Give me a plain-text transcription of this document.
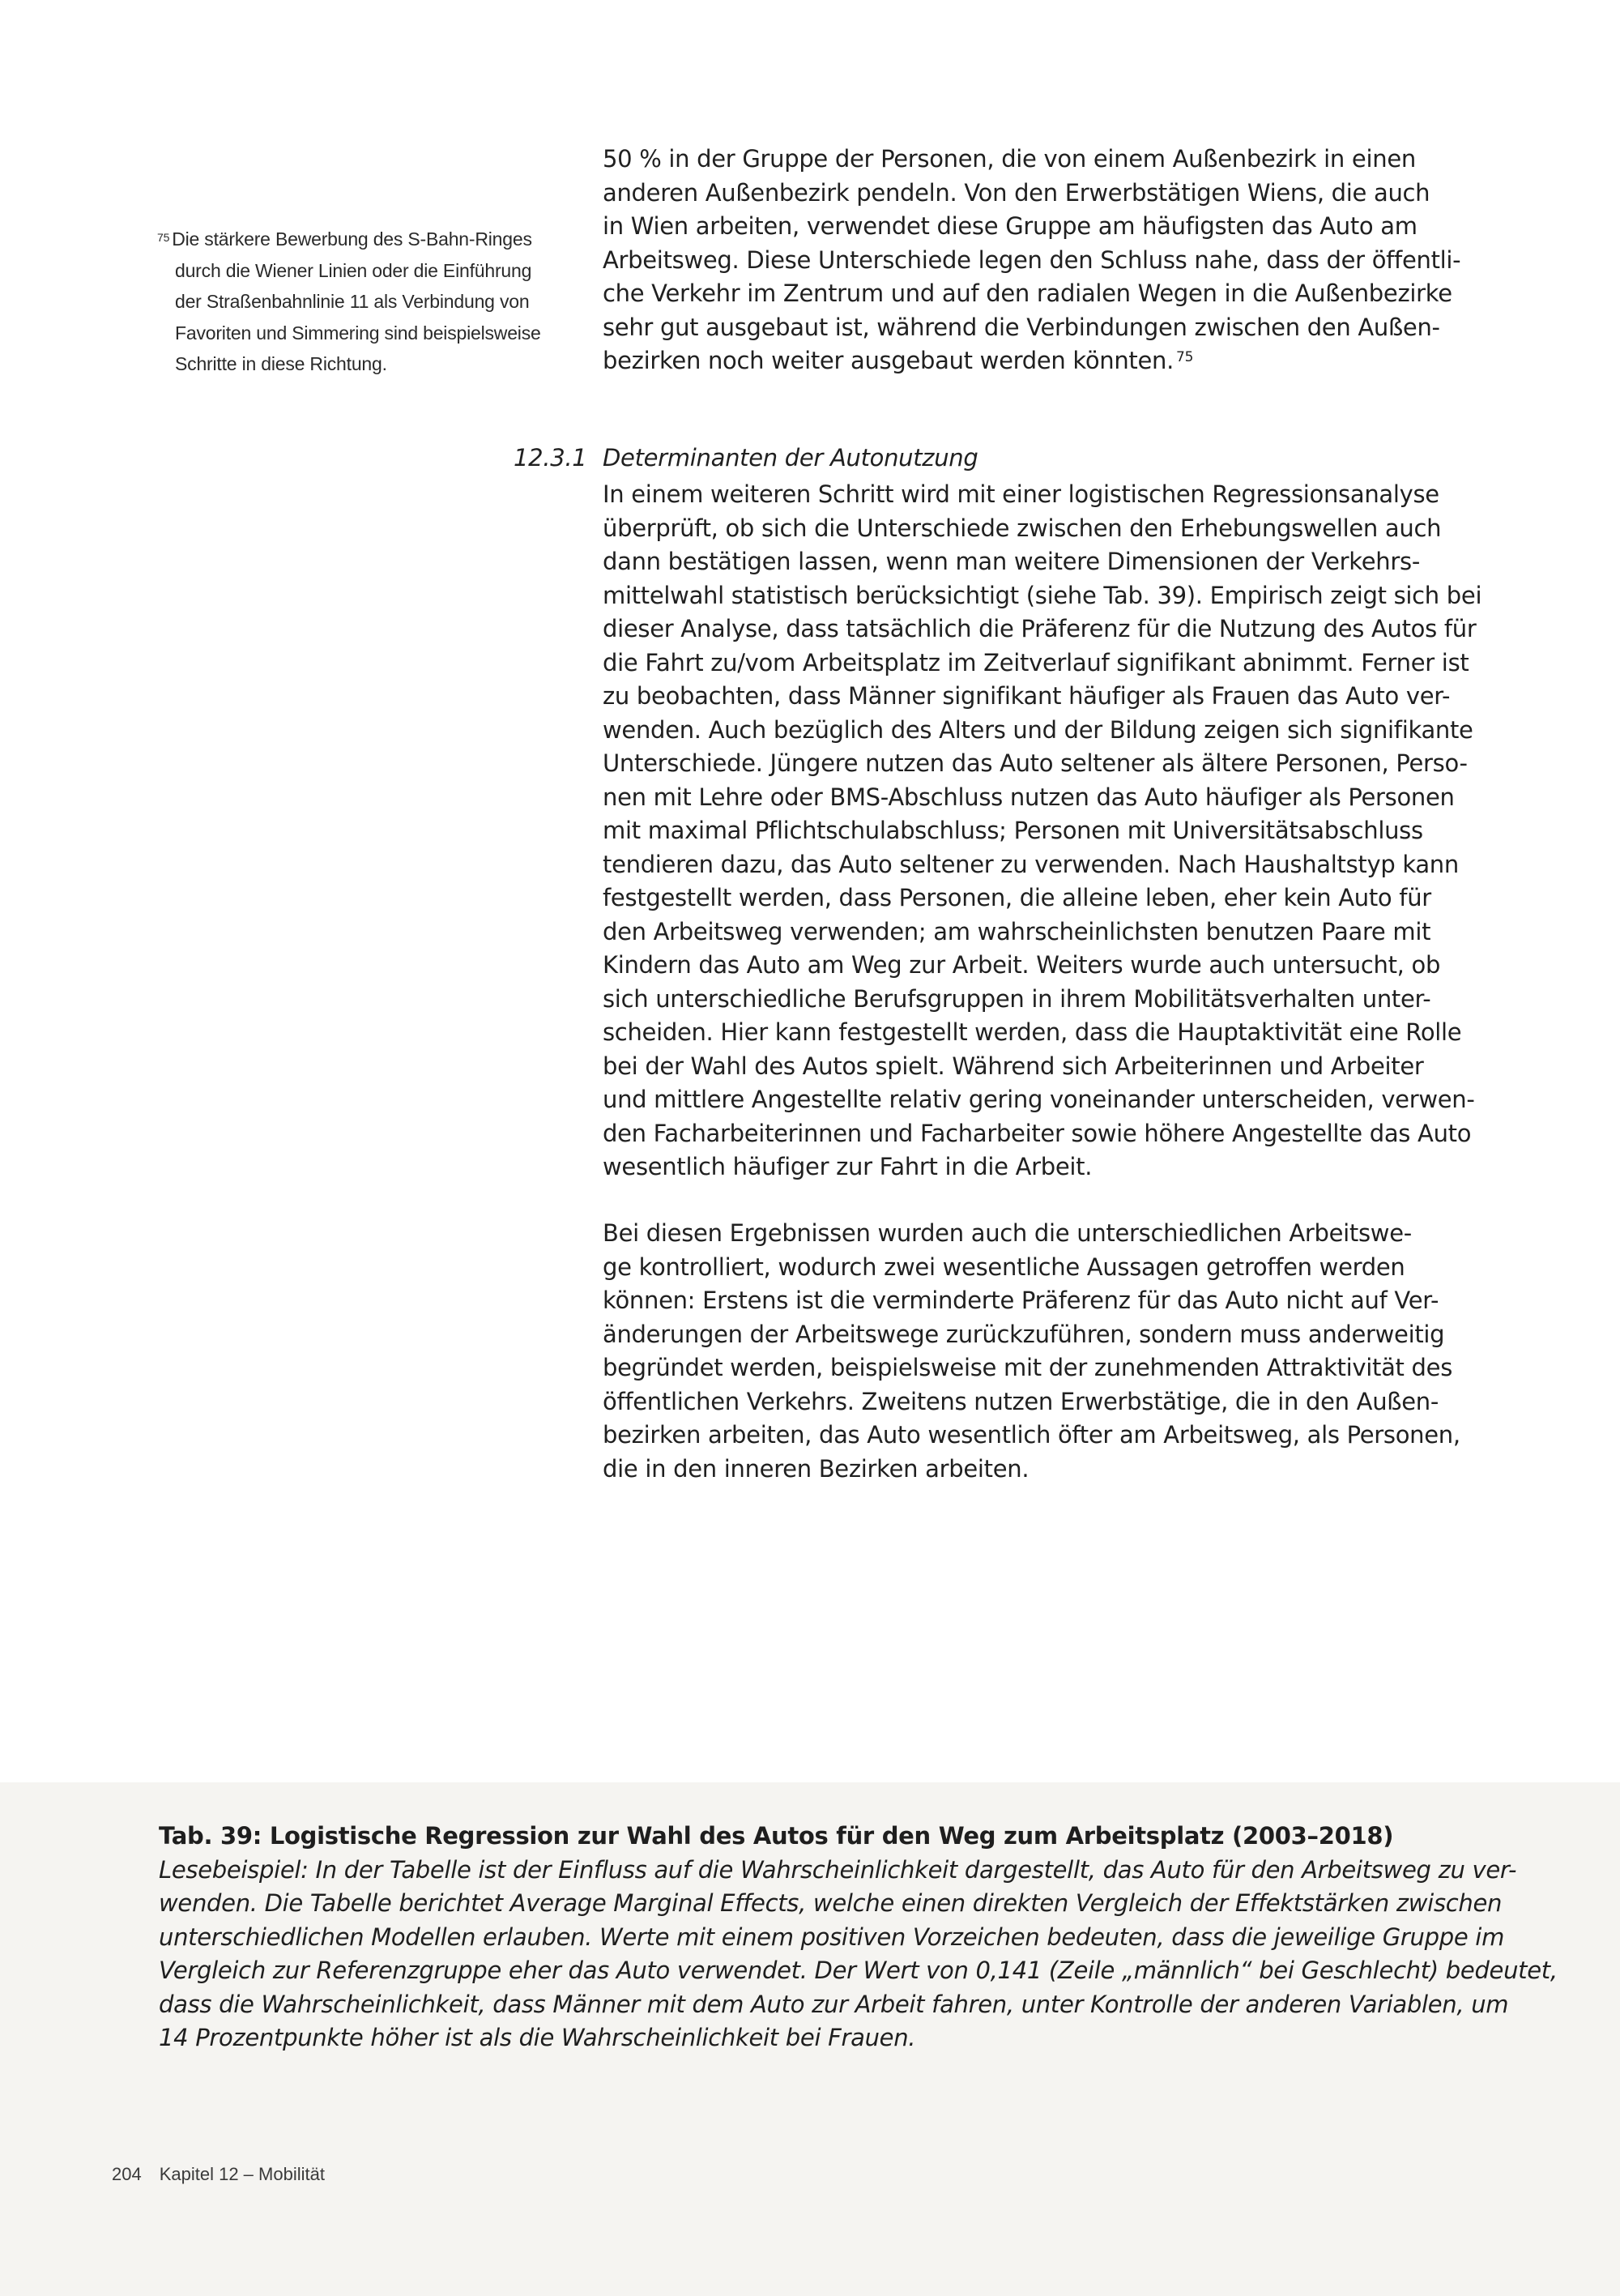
$^{75}$ Die stärkere Bewerbung des S-Bahn-Ringes
durch die Wiener Linien oder die Einführung
der Straßenbahnlinie 11 als Verbindung von
Favoriten und Simmering sind beispielsweise
Schritte in diese Richtung.
50 % in der Gruppe der Personen, die von einem Außenbezirk in einen
anderen Außenbezirk pendeln. Von den Erwerbstätigen Wiens, die auch
in Wien arbeiten, verwendet diese Gruppe am häufigsten das Auto am
Arbeitsweg. Diese Unterschiede legen den Schluss nahe, dass der öffentli-
che Verkehr im Zentrum und auf den radialen Wegen in die Außenbezirke
sehr gut ausgebaut ist, während die Verbindungen zwischen den Außen-
bezirken noch weiter ausgebaut werden könnten. $^{75}$
12.3.1 Determinanten der Autonutzung
In einem weiteren Schritt wird mit einer logistischen Regressionsanalyse
überprüft, ob sich die Unterschiede zwischen den Erhebungswellen auch
dann bestätigen lassen, wenn man weitere Dimensionen der Verkehrs-
mittelwahl statistisch berücksichtigt (siehe Tab. 39). Empirisch zeigt sich bei
dieser Analyse, dass tatsächlich die Präferenz für die Nutzung des Autos für
die Fahrt zu/vom Arbeitsplatz im Zeitverlauf signifikant abnimmt. Ferner ist
zu beobachten, dass Männer signifikant häufiger als Frauen das Auto ver-
wenden. Auch bezüglich des Alters und der Bildung zeigen sich signifikante
Unterschiede. Jüngere nutzen das Auto seltener als ältere Personen, Perso-
nen mit Lehre oder BMS-Abschluss nutzen das Auto häufiger als Personen
mit maximal Pflichtschulabschluss; Personen mit Universitätsabschluss
tendieren dazu, das Auto seltener zu verwenden. Nach Haushaltstyp kann
festgestellt werden, dass Personen, die alleine leben, eher kein Auto für
den Arbeitsweg verwenden; am wahrscheinlichsten benutzen Paare mit
Kindern das Auto am Weg zur Arbeit. Weiters wurde auch untersucht, ob
sich unterschiedliche Berufsgruppen in ihrem Mobilitätsverhalten unter-
scheiden. Hier kann festgestellt werden, dass die Hauptaktivität eine Rolle
bei der Wahl des Autos spielt. Während sich Arbeiterinnen und Arbeiter
und mittlere Angestellte relativ gering voneinander unterscheiden, verwen-
den Facharbeiterinnen und Facharbeiter sowie höhere Angestellte das Auto
wesentlich häufiger zur Fahrt in die Arbeit.
Bei diesen Ergebnissen wurden auch die unterschiedlichen Arbeitswe-
ge kontrolliert, wodurch zwei wesentliche Aussagen getroffen werden
können: Erstens ist die verminderte Präferenz für das Auto nicht auf Ver-
änderungen der Arbeitswege zurückzuführen, sondern muss anderweitig
begründet werden, beispielsweise mit der zunehmenden Attraktivität des
öffentlichen Verkehrs. Zweitens nutzen Erwerbstätige, die in den Außen-
bezirken arbeiten, das Auto wesentlich öfter am Arbeitsweg, als Personen,
die in den inneren Bezirken arbeiten.
Tab. 39: Logistische Regression zur Wahl des Autos für den Weg zum Arbeitsplatz (2003–2018)
Lesebeispiel: In der Tabelle ist der Einfluss auf die Wahrscheinlichkeit dargestellt, das Auto für den Arbeitsweg zu ver-
wenden. Die Tabelle berichtet Average Marginal Effects, welche einen direkten Vergleich der Effektstärken zwischen
unterschiedlichen Modellen erlauben. Werte mit einem positiven Vorzeichen bedeuten, dass die jeweilige Gruppe im
Vergleich zur Referenzgruppe eher das Auto verwendet. Der Wert von 0,141 (Zeile „männlich“ bei Geschlecht) bedeutet,
dass die Wahrscheinlichkeit, dass Männer mit dem Auto zur Arbeit fahren, unter Kontrolle der anderen Variablen, um
14 Prozentpunkte höher ist als die Wahrscheinlichkeit bei Frauen.
204 Kapitel 12 – Mobilität
